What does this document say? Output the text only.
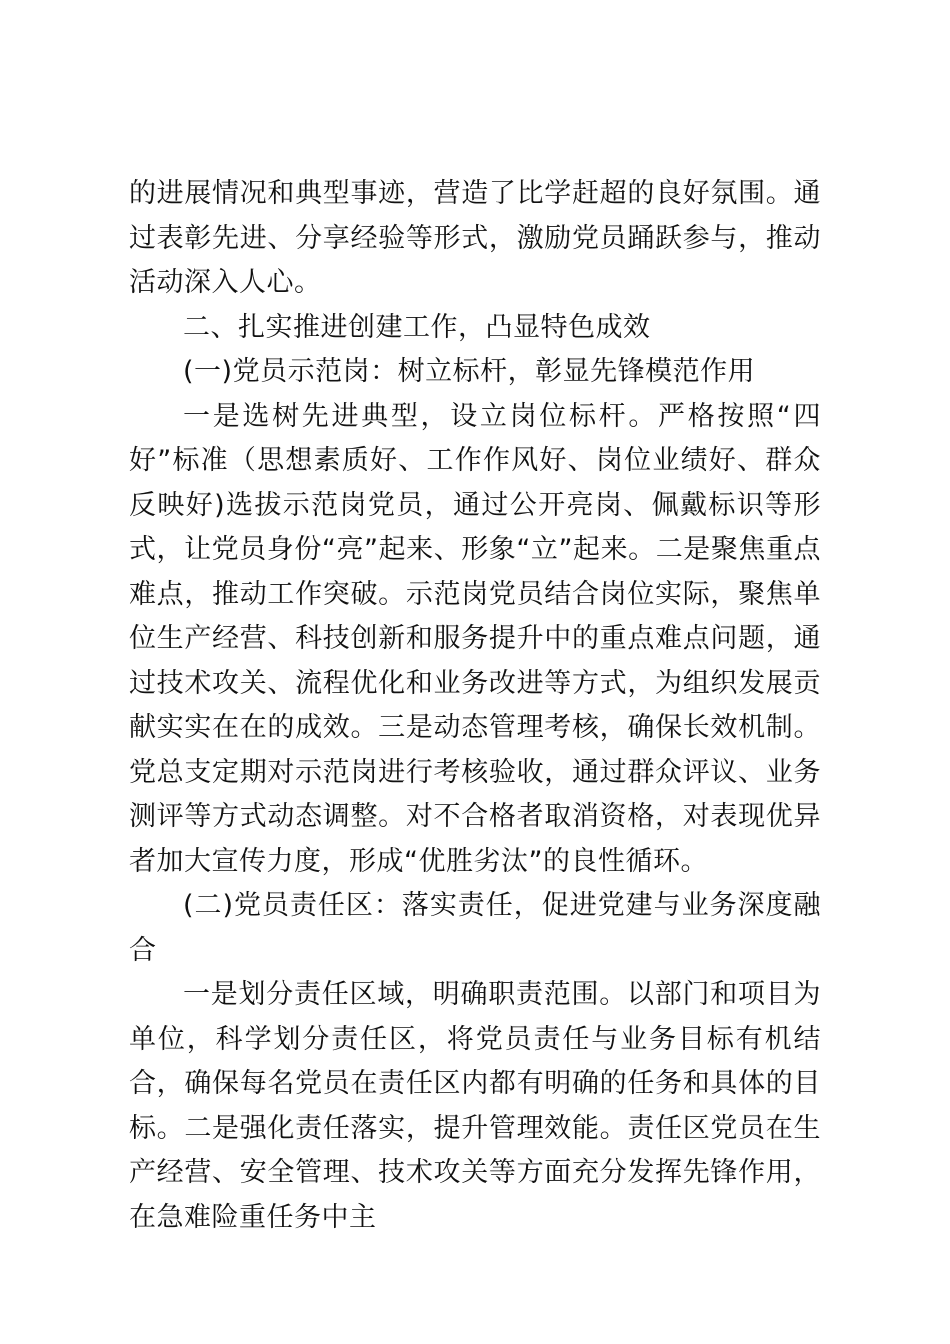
的进展情况和典型事迹，营造了比学赶超的良好氛围。通过表彰先进、分享经验等形式，激励党员踊跃参与，推动活动深入人心。

二、扎实推进创建工作，凸显特色成效

(一)党员示范岗：树立标杆，彰显先锋模范作用

一是选树先进典型，设立岗位标杆。严格按照“四好”标准（思想素质好、工作作风好、岗位业绩好、群众反映好)选拔示范岗党员，通过公开亮岗、佩戴标识等形式，让党员身份“亮”起来、形象“立”起来。二是聚焦重点难点，推动工作突破。示范岗党员结合岗位实际，聚焦单位生产经营、科技创新和服务提升中的重点难点问题，通过技术攻关、流程优化和业务改进等方式，为组织发展贡献实实在在的成效。三是动态管理考核，确保长效机制。党总支定期对示范岗进行考核验收，通过群众评议、业务测评等方式动态调整。对不合格者取消资格，对表现优异者加大宣传力度，形成“优胜劣汰”的良性循环。

(二)党员责任区：落实责任，促进党建与业务深度融合

一是划分责任区域，明确职责范围。以部门和项目为单位，科学划分责任区，将党员责任与业务目标有机结合，确保每名党员在责任区内都有明确的任务和具体的目标。二是强化责任落实，提升管理效能。责任区党员在生产经营、安全管理、技术攻关等方面充分发挥先锋作用，在急难险重任务中主
